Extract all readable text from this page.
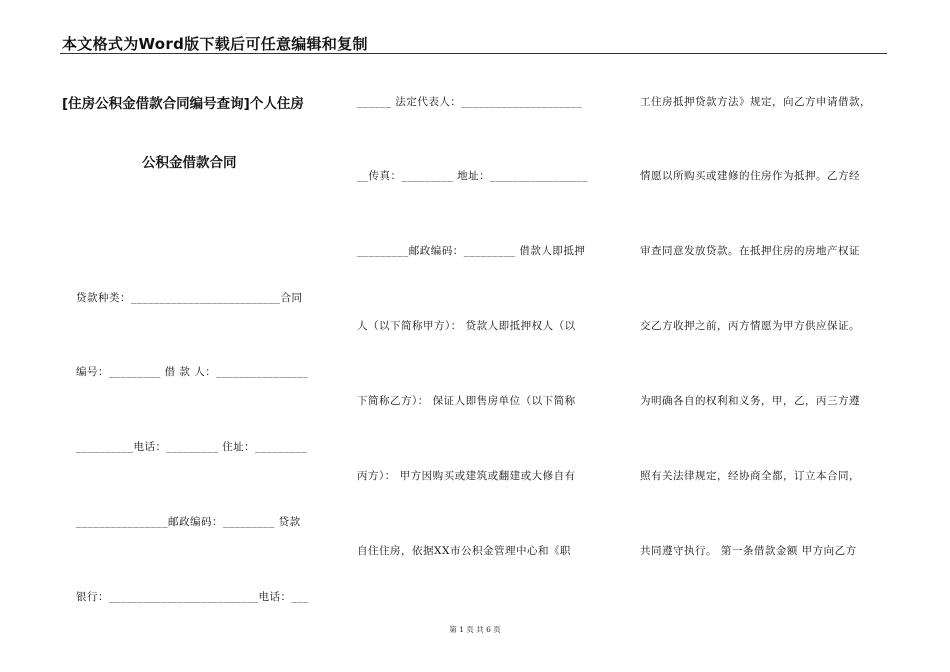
本文格式为Word版下载后可任意编辑和复制
[住房公积金借款合同编号查询]个人住房
公积金借款合同
贷款种类：__________________________合同
编号：_________ 借 款 人：________________
__________电话：_________ 住址：_________
________________邮政编码：_________ 贷款
银行：__________________________电话：___
______ 法定代表人：_____________________
__传真：_________ 地址：_________________
_________邮政编码：_________ 借款人即抵押
人（以下简称甲方）： 贷款人即抵押权人（以
下简称乙方）： 保证人即售房单位（以下简称
丙方）： 甲方因购买或建筑或翻建或大修自有
自住住房，依据XX市公积金管理中心和《职
工住房抵押贷款方法》规定，向乙方申请借款，
情愿以所购买或建修的住房作为抵押。乙方经
审查同意发放贷款。在抵押住房的房地产权证
交乙方收押之前，丙方情愿为甲方供应保证。
为明确各自的权利和义务，甲，乙，丙三方遵
照有关法律规定，经协商全都，订立本合同，
共同遵守执行。 第一条借款金额 甲方向乙方
第 1 页 共 6 页
